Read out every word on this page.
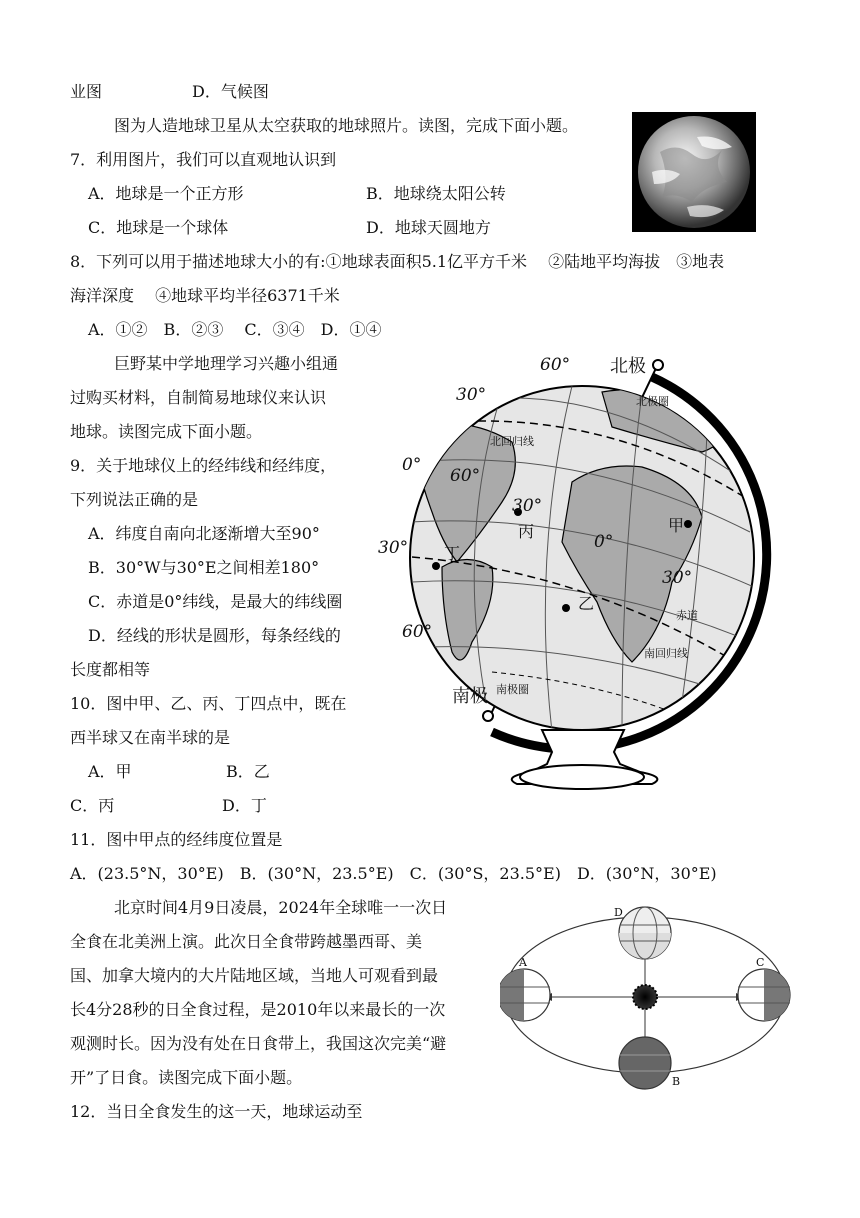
业图	D．气候图
图为人造地球卫星从太空获取的地球照片。读图，完成下面小题。
7．利用图片，我们可以直观地认识到
A．地球是一个正方形	B．地球绕太阳公转
C．地球是一个球体	D．地球天圆地方
8．下列可以用于描述地球大小的有:①地球表面积5.1亿平方千米　 ②陆地平均海拔　③地表
海洋深度　 ④地球平均半径6371千米
A．①②　B．②③　 C．③④　D．①④
巨野某中学地理学习兴趣小组通
过购买材料，自制简易地球仪来认识
地球。读图完成下面小题。
9．关于地球仪上的经纬线和经纬度，
下列说法正确的是
A．纬度自南向北逐渐增大至90°
B．30°W与30°E之间相差180°
C．赤道是0°纬线，是最大的纬线圈
D．经线的形状是圆形，每条经线的
长度都相等
10．图中甲、乙、丙、丁四点中，既在
西半球又在南半球的是
A．甲	B．乙
C．丙	D．丁
11．图中甲点的经纬度位置是
A．(23.5°N，30°E)　B．(30°N，23.5°E)　C．(30°S，23.5°E)　D．(30°N，30°E)
北京时间4月9日凌晨，2024年全球唯一一次日
全食在北美洲上演。此次日全食带跨越墨西哥、美
国、加拿大境内的大片陆地区域，当地人可观看到最
长4分28秒的日全食过程，是2010年以来最长的一次
观测时长。因为没有处在日食带上，我国这次完美“避
开”了日食。读图完成下面小题。
12．当日全食发生的这一天，地球运动至
北极
南极
北极圈
南极圈
北回归线
南回归线
赤道
60°
30°
0°
60°
30°
0°
30°
30°
60°
甲
乙
丙
丁
A
B
C
D
